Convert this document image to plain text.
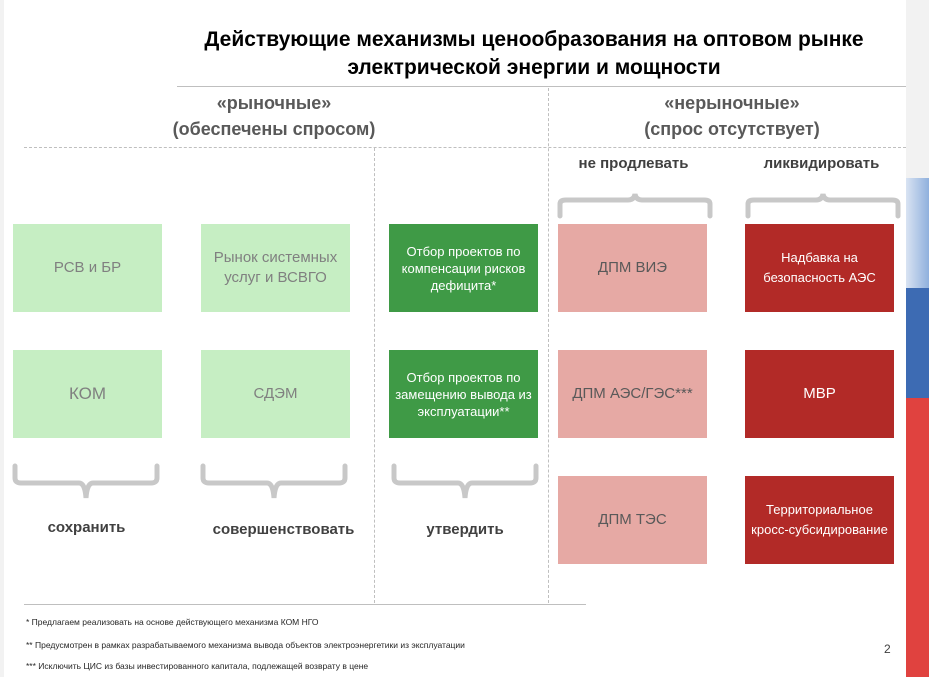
Действующие механизмы ценообразования на оптовом рынке
электрической энергии и мощности
«рыночные»
(обеспечены спросом)
«нерыночные»
(спрос отсутствует)
не продлевать	ликвидировать
РСВ и БР
Рынок системных услуг и ВСВГО
Отбор проектов по компенсации рисков дефицита*
ДПМ ВИЭ
Надбавка на безопасность АЭС
КОМ	СДЭМ
Отбор проектов по замещению вывода из эксплуатации**
ДПМ АЭС/ГЭС***	МВР
ДПМ ТЭС
Территориальное кросс-субсидирование
сохранить	совершенствовать	утвердить
* Предлагаем реализовать на основе действующего механизма КОМ НГО
** Предусмотрен в рамках разрабатываемого механизма вывода объектов электроэнергетики из эксплуатации
*** Исключить ЦИС из базы инвестированного капитала, подлежащей возврату в цене
2
